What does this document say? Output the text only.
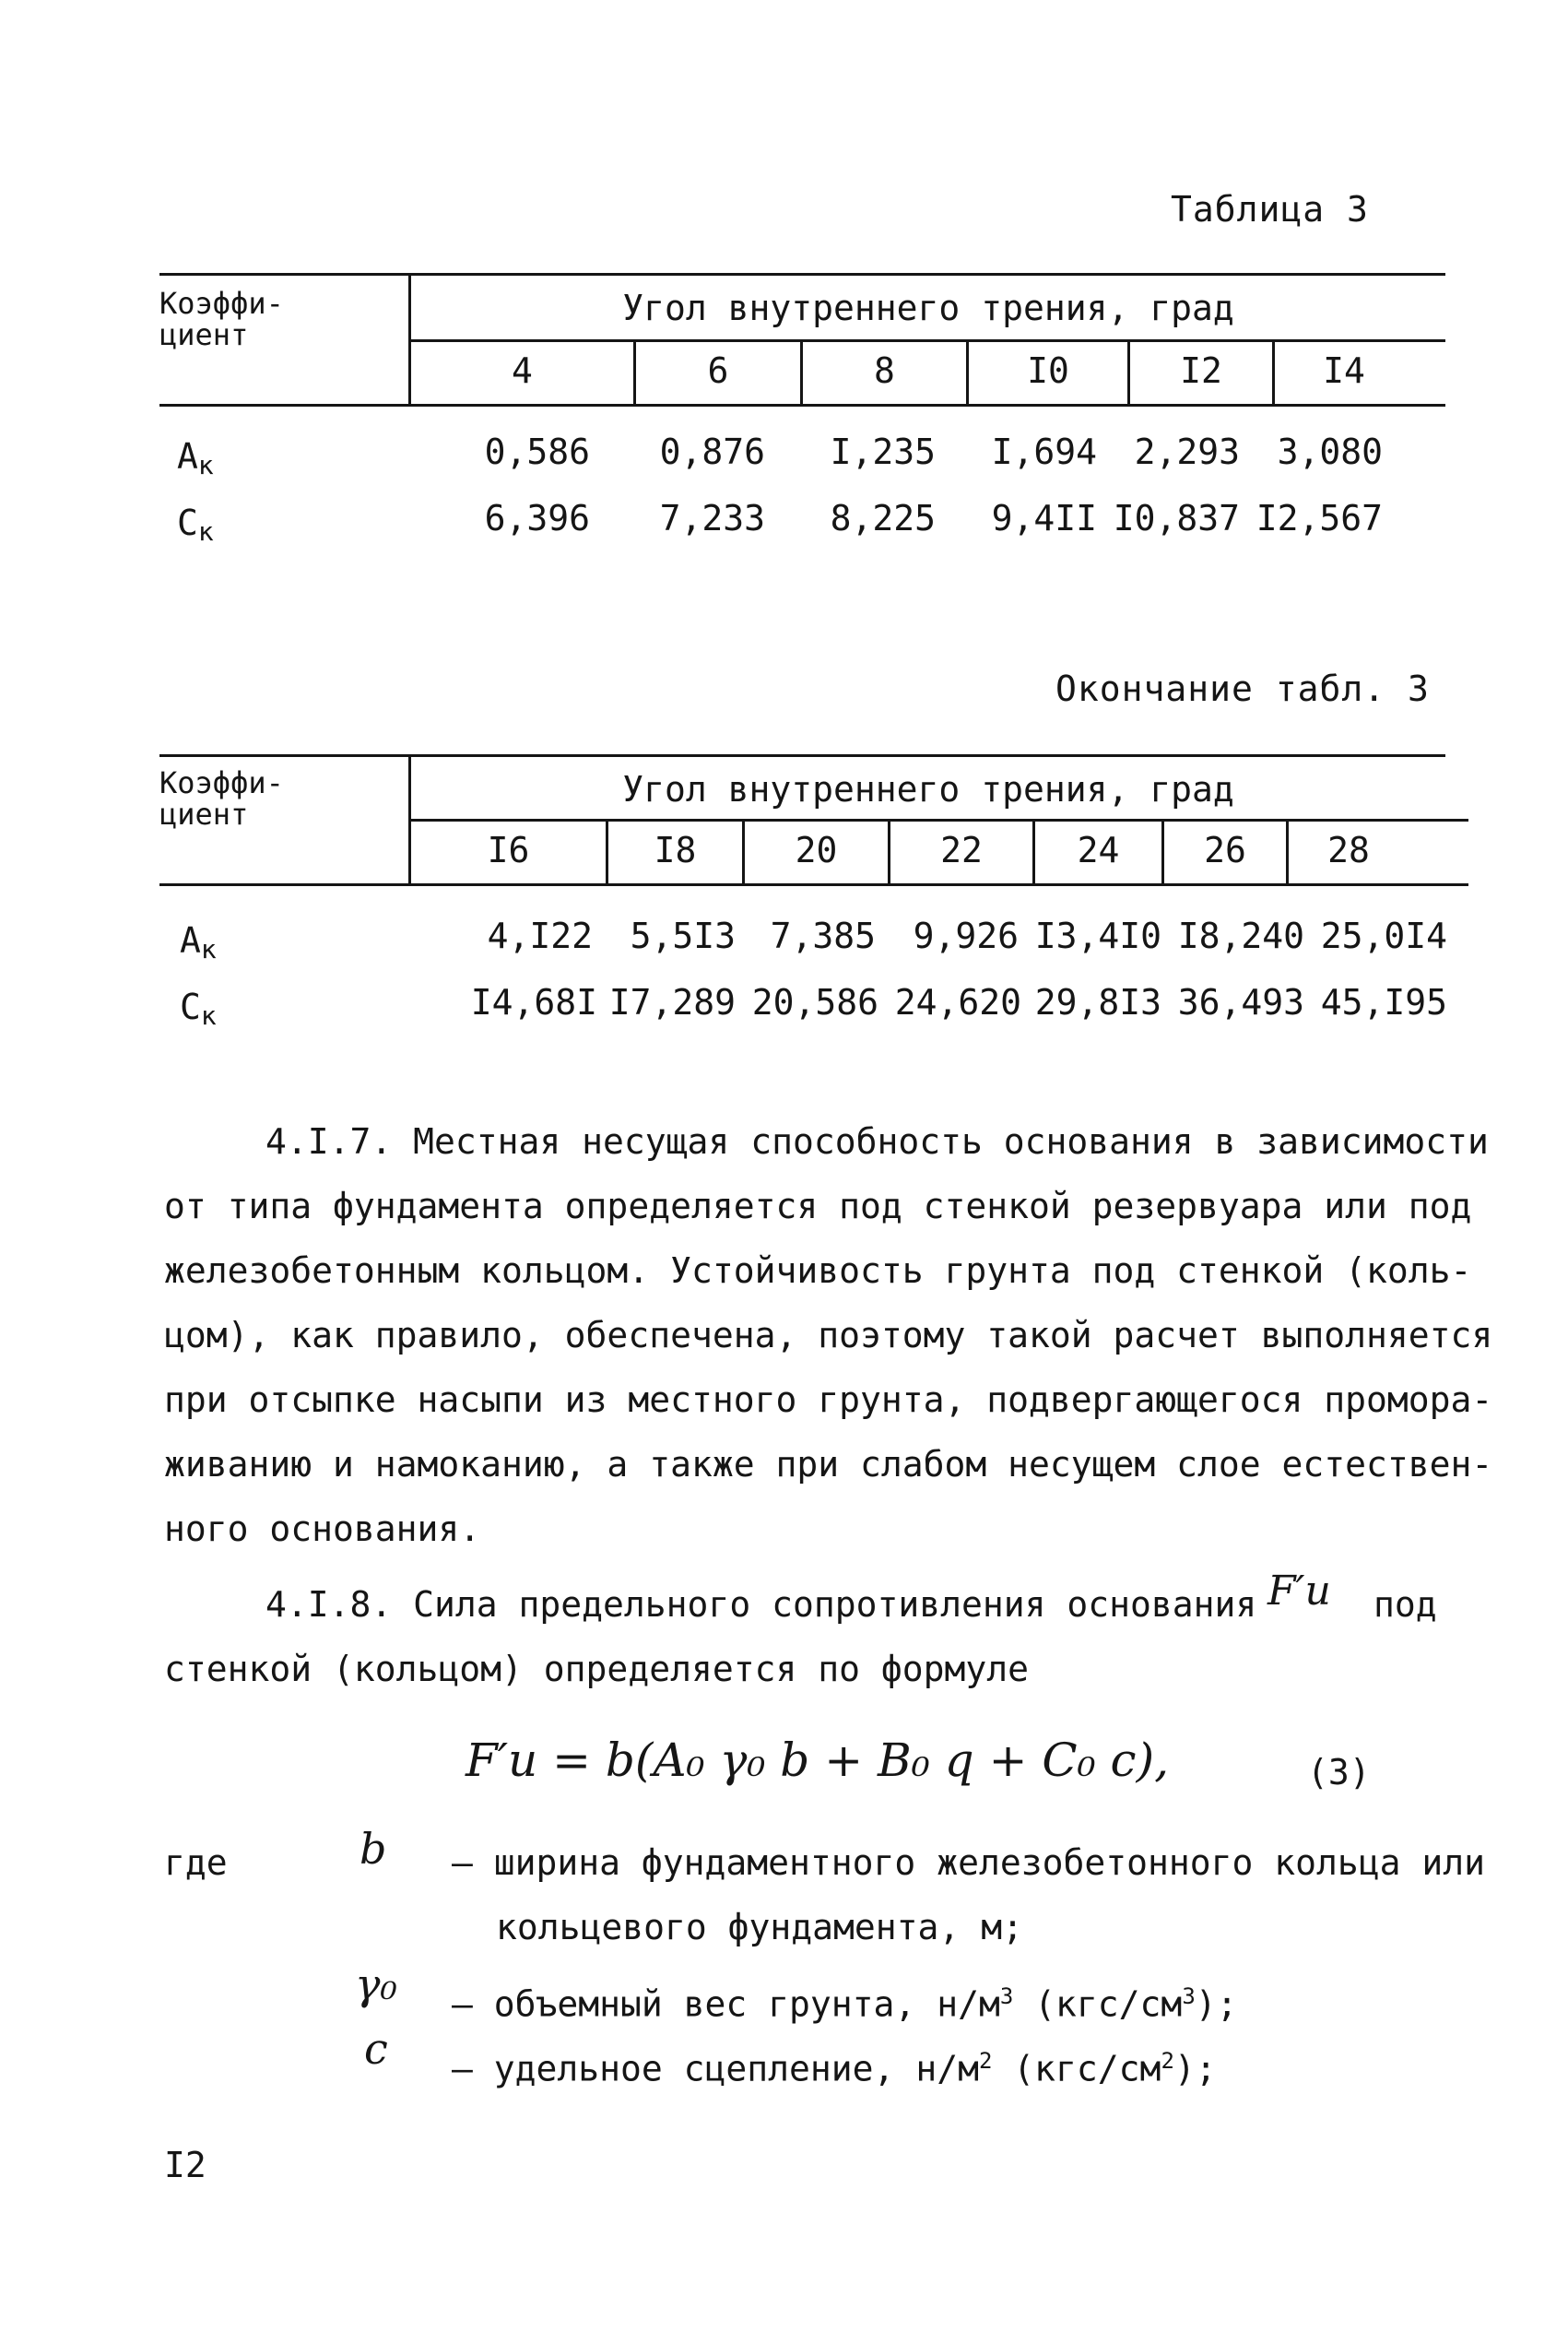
Таблица 3
Коэффи-
циент
Угол внутреннего трения, град
4	6	8	I0	I2	I4
$A_к$	0,586	0,876	I,235	I,694	2,293	3,080
$C_к$	6,396	7,233	8,225	9,4II I0,837 I2,567
Окончание табл. 3
Коэффи-
циент
Угол внутреннего трения, град
I6	I8	20	22	24	26	28
$A_к$	4,I22	5,5I3 7,385	9,926 I3,4I0 I8,240 25,0I4
$C_к$	I4,68I I7,289 20,586 24,620 29,8I3 36,493 45,I95
4.I.7. Местная несущая способность основания в зависимости
от типа фундамента определяется под стенкой резервуара или под
железобетонным кольцом. Устойчивость грунта под стенкой (коль-
цом), как правило, обеспечена, поэтому такой расчет выполняется
при отсыпке насыпи из местного грунта, подвергающегося проморa-
живанию и намоканию, а также при слабом несущем слое естествен-
ного основания.
4.I.8. Сила предельного сопротивления основания F′u под
стенкой (кольцом) определяется по формуле
F′u = b(A₀ γ₀ b + B₀ q + C₀ c),	(3)
где	b – ширина фундаментного железобетонного кольца или
кольцевого фундамента, м;
γ₀ – объемный вес грунта, $н/м^3$ $(кгс/см^3)$;
c – удельное сцепление, $н/м^2$ $(кгс/см^2)$;
I2
